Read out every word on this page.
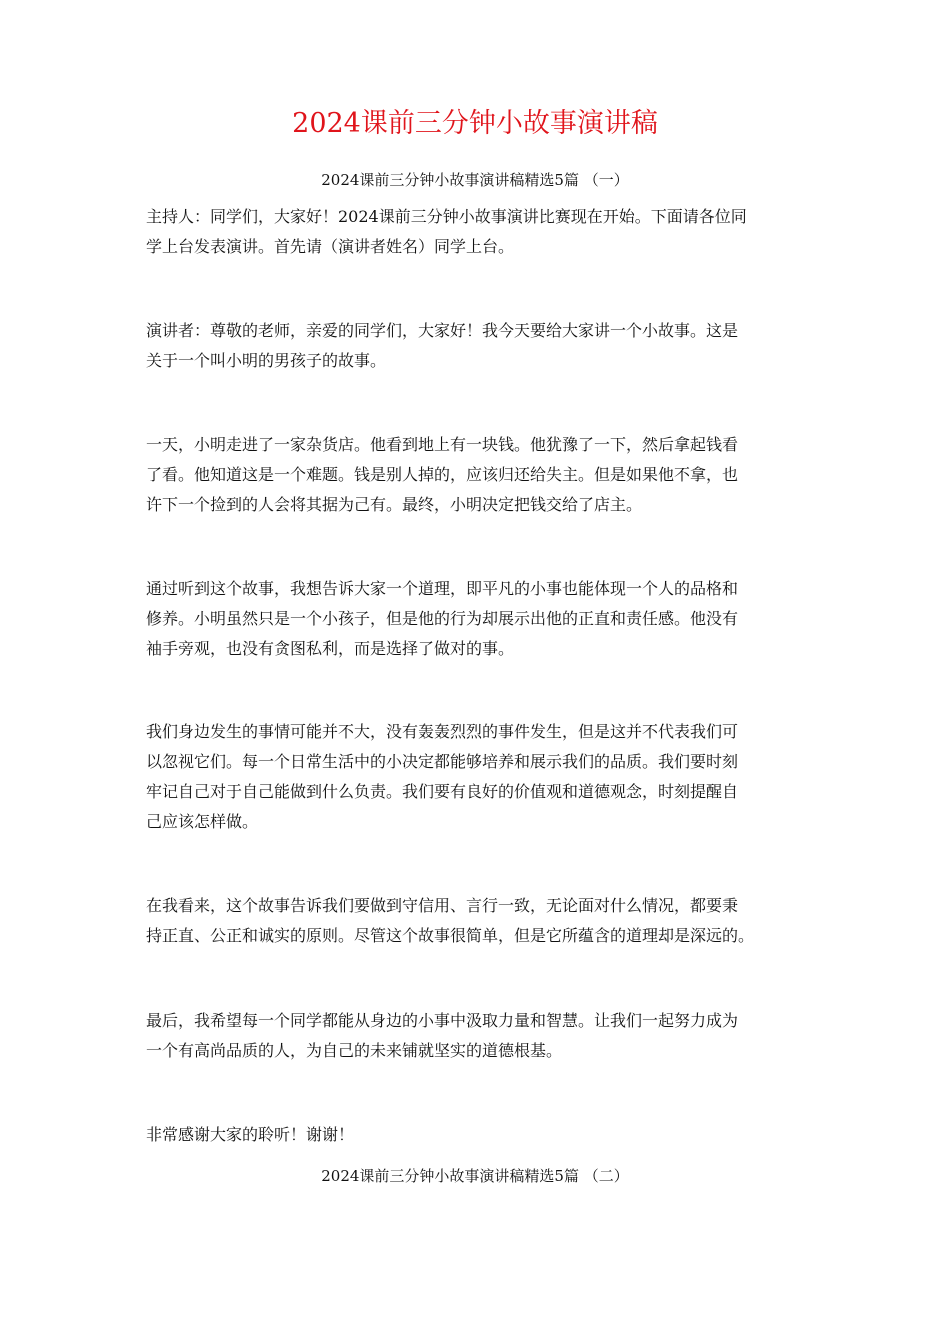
2024课前三分钟小故事演讲稿
2024课前三分钟小故事演讲稿精选5篇 （一）
主持人：同学们，大家好！2024课前三分钟小故事演讲比赛现在开始。下面请各位同
学上台发表演讲。首先请（演讲者姓名）同学上台。
演讲者：尊敬的老师，亲爱的同学们，大家好！我今天要给大家讲一个小故事。这是
关于一个叫小明的男孩子的故事。
一天，小明走进了一家杂货店。他看到地上有一块钱。他犹豫了一下，然后拿起钱看
了看。他知道这是一个难题。钱是别人掉的，应该归还给失主。但是如果他不拿，也
许下一个捡到的人会将其据为己有。最终，小明决定把钱交给了店主。
通过听到这个故事，我想告诉大家一个道理，即平凡的小事也能体现一个人的品格和
修养。小明虽然只是一个小孩子，但是他的行为却展示出他的正直和责任感。他没有
袖手旁观，也没有贪图私利，而是选择了做对的事。
我们身边发生的事情可能并不大，没有轰轰烈烈的事件发生，但是这并不代表我们可
以忽视它们。每一个日常生活中的小决定都能够培养和展示我们的品质。我们要时刻
牢记自己对于自己能做到什么负责。我们要有良好的价值观和道德观念，时刻提醒自
己应该怎样做。
在我看来，这个故事告诉我们要做到守信用、言行一致，无论面对什么情况，都要秉
持正直、公正和诚实的原则。尽管这个故事很简单，但是它所蕴含的道理却是深远的。
最后，我希望每一个同学都能从身边的小事中汲取力量和智慧。让我们一起努力成为
一个有高尚品质的人，为自己的未来铺就坚实的道德根基。
非常感谢大家的聆听！谢谢！
2024课前三分钟小故事演讲稿精选5篇 （二）
